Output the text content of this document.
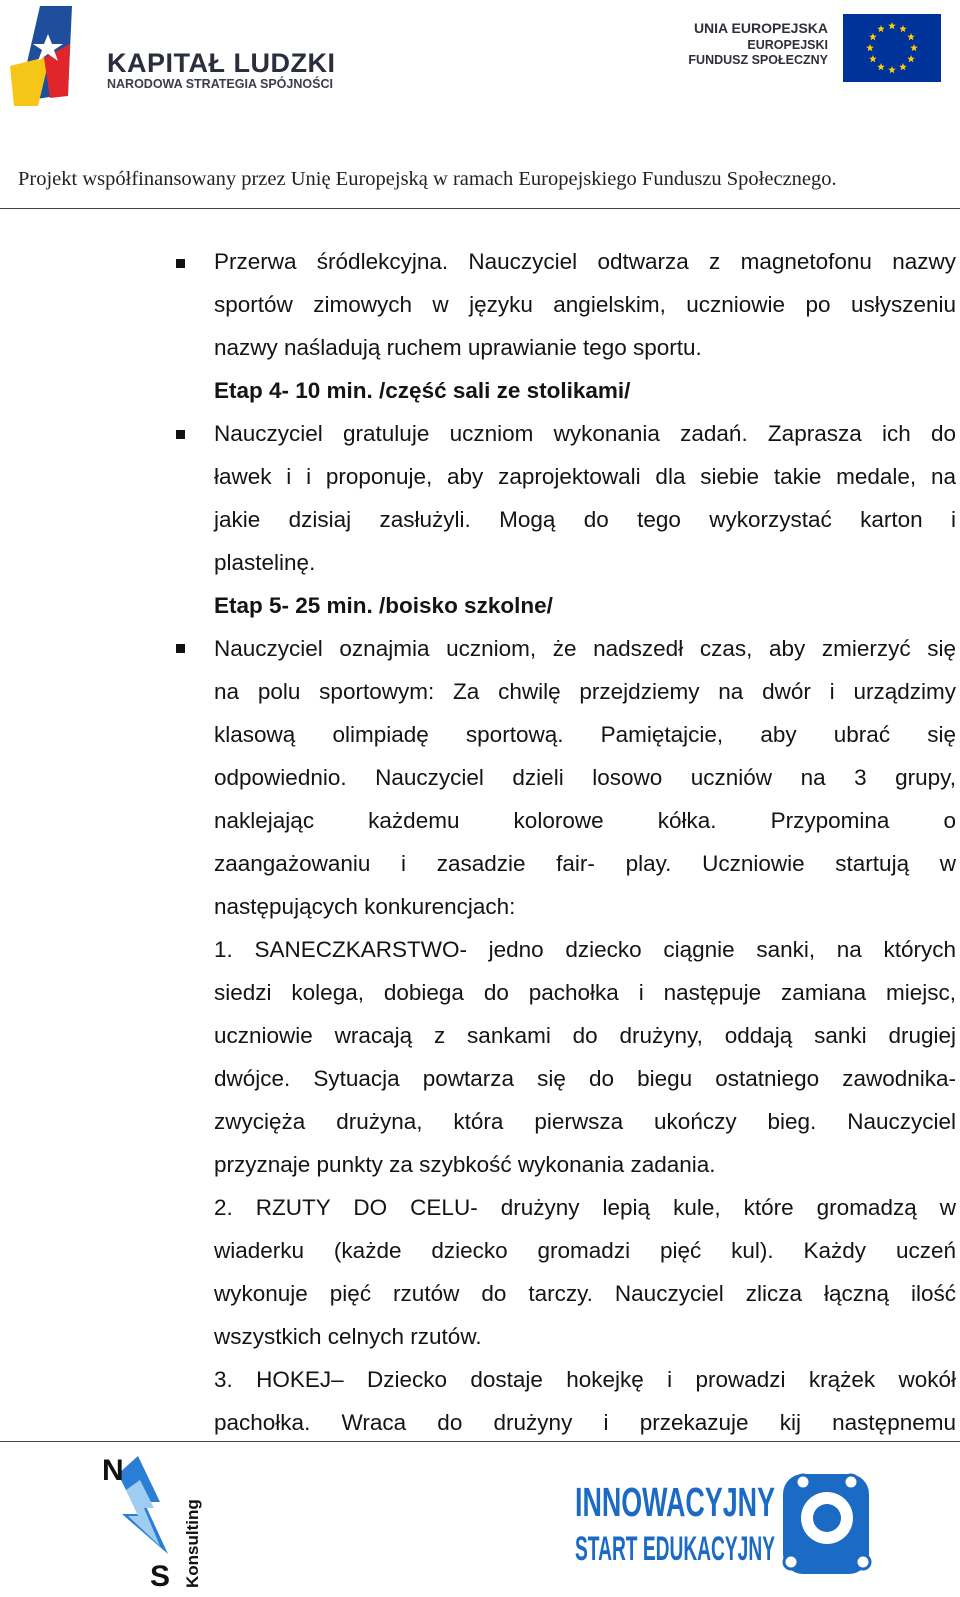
KAPITAŁ LUDZKI
NARODOWA STRATEGIA SPÓJNOŚCI
UNIA EUROPEJSKA
EUROPEJSKI
FUNDUSZ SPOŁECZNY
Projekt współfinansowany przez Unię Europejską w ramach Europejskiego Funduszu Społecznego.
Przerwa śródlekcyjna. Nauczyciel odtwarza z magnetofonu nazwy
sportów zimowych w języku angielskim, uczniowie po usłyszeniu
nazwy naśladują ruchem uprawianie tego sportu.
Etap 4- 10 min. /część sali ze stolikami/
Nauczyciel gratuluje uczniom wykonania zadań. Zaprasza ich do
ławek i i proponuje, aby zaprojektowali dla siebie takie medale, na
jakie dzisiaj zasłużyli. Mogą do tego wykorzystać karton i
plastelinę.
Etap 5- 25 min. /boisko szkolne/
Nauczyciel oznajmia uczniom, że nadszedł czas, aby zmierzyć się
na polu sportowym: Za chwilę przejdziemy na dwór i urządzimy
klasową olimpiadę sportową. Pamiętajcie, aby ubrać się
odpowiednio. Nauczyciel dzieli losowo uczniów na 3 grupy,
naklejając każdemu kolorowe kółka. Przypomina o
zaangażowaniu i zasadzie fair- play. Uczniowie startują w
następujących konkurencjach:
1. SANECZKARSTWO- jedno dziecko ciągnie sanki, na których
siedzi kolega, dobiega do pachołka i następuje zamiana miejsc,
uczniowie wracają z sankami do drużyny, oddają sanki drugiej
dwójce. Sytuacja powtarza się do biegu ostatniego zawodnika-
zwycięża drużyna, która pierwsza ukończy bieg. Nauczyciel
przyznaje punkty za szybkość wykonania zadania.
2. RZUTY DO CELU- drużyny lepią kule, które gromadzą w
wiaderku (każde dziecko gromadzi pięć kul). Każdy uczeń
wykonuje pięć rzutów do tarczy. Nauczyciel zlicza łączną ilość
wszystkich celnych rzutów.
3. HOKEJ– Dziecko dostaje hokejkę i prowadzi krążek wokół
pachołka. Wraca do drużyny i przekazuje kij następnemu
N
S Konsulting	INNOWACYJNY
START EDUKACYJNY
